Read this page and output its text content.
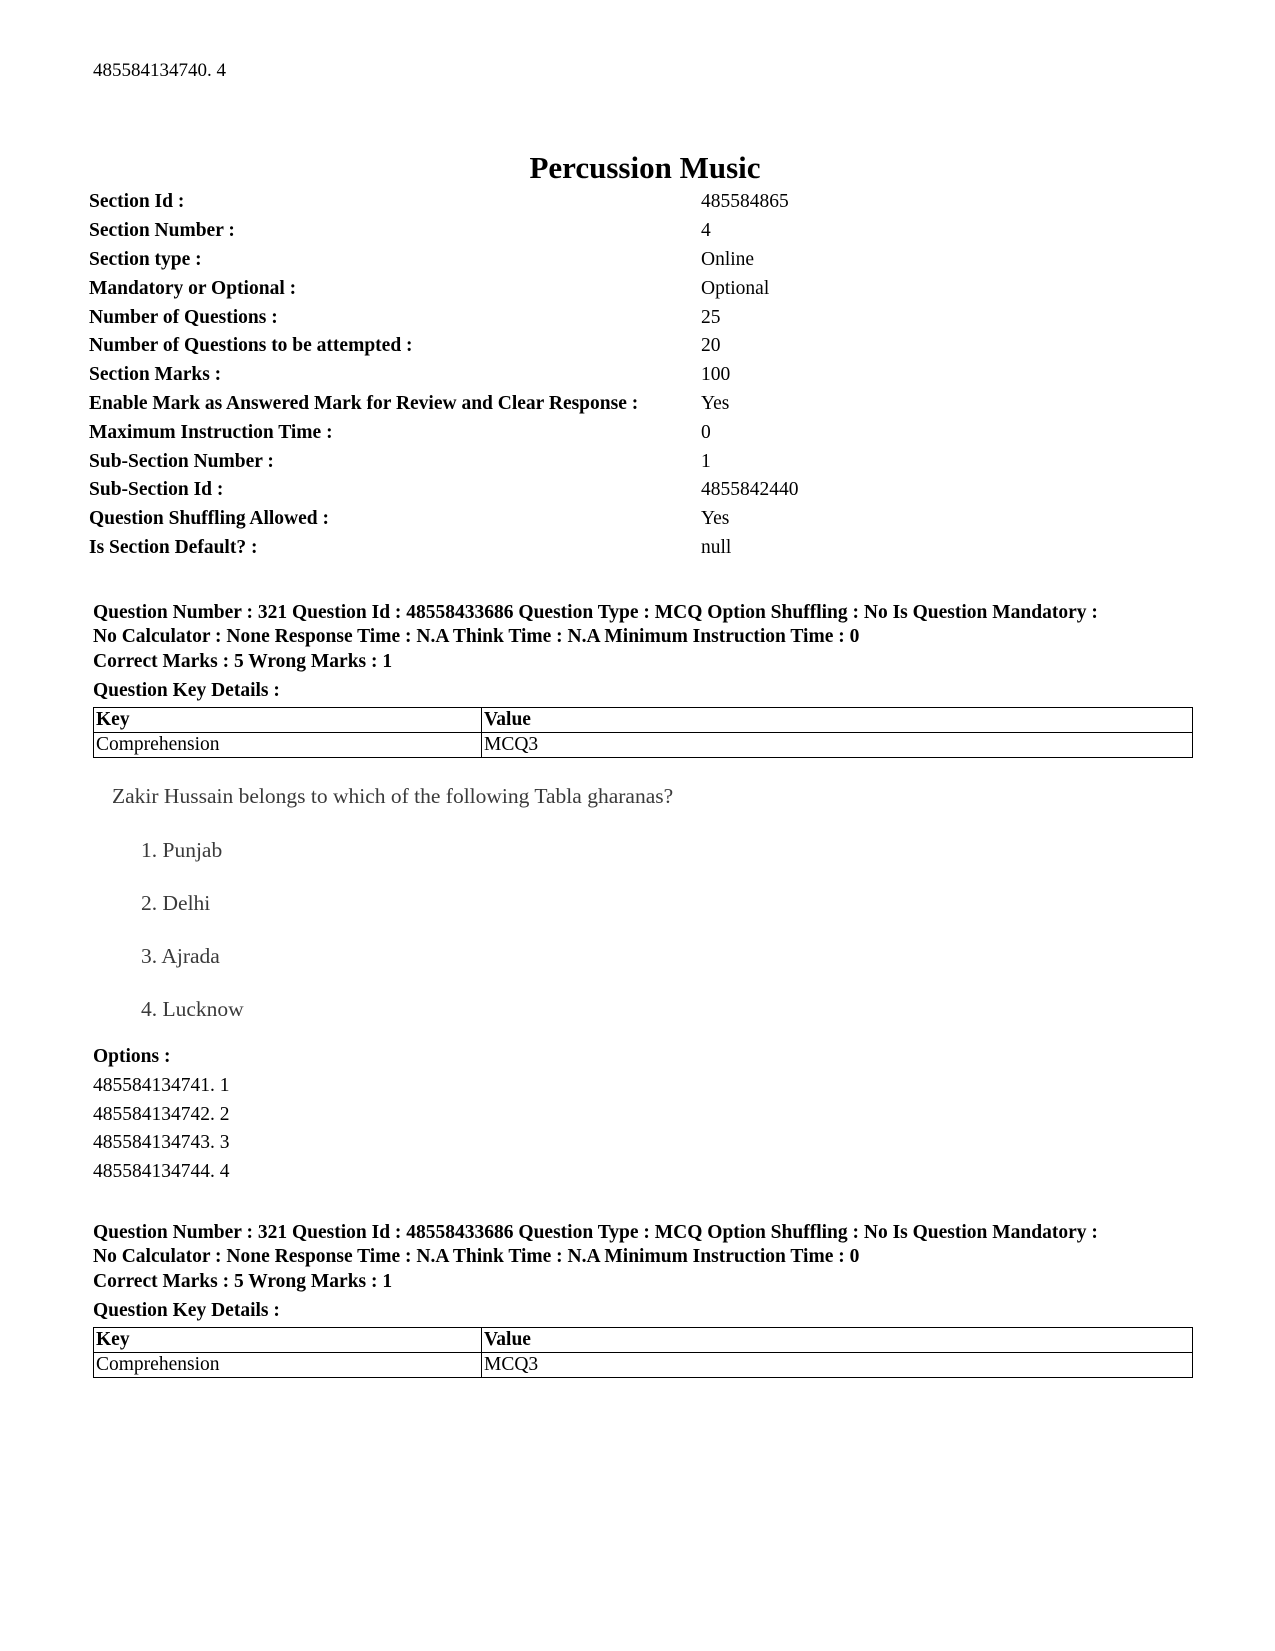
485584134740. 4
Percussion Music
Section Id :	485584865
Section Number :	4
Section type :	Online
Mandatory or Optional :	Optional
Number of Questions :	25
Number of Questions to be attempted :	20
Section Marks :	100
Enable Mark as Answered Mark for Review and Clear Response :	Yes
Maximum Instruction Time :	0
Sub-Section Number :	1
Sub-Section Id :	4855842440
Question Shuffling Allowed :	Yes
Is Section Default? :	null
Question Number : 321 Question Id : 48558433686 Question Type : MCQ Option Shuffling : No Is Question Mandatory :
No Calculator : None Response Time : N.A Think Time : N.A Minimum Instruction Time : 0
Correct Marks : 5 Wrong Marks : 1
Question Key Details :
Key	Value
Comprehension	MCQ3
Zakir Hussain belongs to which of the following Tabla gharanas?
1. Punjab
2. Delhi
3. Ajrada
4. Lucknow
Options :
485584134741. 1
485584134742. 2
485584134743. 3
485584134744. 4
Question Number : 321 Question Id : 48558433686 Question Type : MCQ Option Shuffling : No Is Question Mandatory :
No Calculator : None Response Time : N.A Think Time : N.A Minimum Instruction Time : 0
Correct Marks : 5 Wrong Marks : 1
Question Key Details :
Key	Value
Comprehension	MCQ3
